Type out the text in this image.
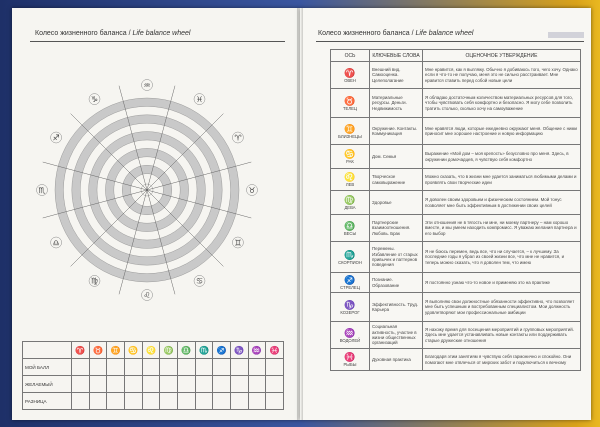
Колесо жизненного баланса / Life balance wheel
♒
♓
♈
♉
♊
♋
♌
♍
♎
♏
♐
♑
	♈	♉	♊	♋	♌	♍	♎	♏	♐	♑	♒	♓
МОЙ БАЛЛ												
ЖЕЛАЕМЫЙ												
РАЗНИЦА												
Колесо жизненного баланса / Life balance wheel
ОСЬ	КЛЮЧЕВЫЕ СЛОВА	ОЦЕНОЧНОЕ УТВЕРЖДЕНИЕ

♈
ОВЕН	Внешний вид. Самооценка. Целеполагание	Мне нравится, как я выгляжу. Обычно я добиваюсь того, чего хочу. Однако если я что-то не получаю, меня это не сильно расстраивает. Мне нравится ставить перед собой новые цели

♉
ТЕЛЕЦ	Материальные ресурсы. Деньги. Недвижимость	Я обладаю достаточным количеством материальных ресурсов для того, чтобы чувствовать себя комфортно и безопасно. Я могу себе позволить тратить столько, сколько хочу на самоуважение

♊
БЛИЗНЕЦЫ	Окружение. Контакты. Коммуникация	Мне нравятся люди, которые ежедневно окружают меня. Общение с ними приносит мне хорошее настроение и новую информацию

♋
РАК	Дом. Семья	Выражение «Мой дом – моя крепость» безусловно про меня. Здесь, в окружении домочадцев, я чувствую себя комфортно

♌
ЛЕВ	Творческое самовыражение	Можно сказать, что в жизни мне удается заниматься любимыми делами и проявлять свои творческие идеи

♍
ДЕВА	Здоровье	Я доволен своим здоровьем и физическим состоянием. Мой тонус позволяет мне быть эффективным в достижении своих целей

♎
ВЕСЫ	Партнерские взаимоотношения. Любовь. Брак	Эти отношения не в тягость ни мне, ни моему партнеру – нам хорошо вместе, и мы умеем находить компромисс. Я уважаю желания партнера и его выбор

♏
СКОРПИОН	Перемены. Избавление от старых привычек и паттернов поведения	Я не боюсь перемен, ведь все, что ни случается, – к лучшему. За последние годы я убрал из своей жизни все, что мне не нравится, и теперь можно сказать, что я доволен тем, что имею

♐
СТРЕЛЕЦ	Познание. Образование	Я постоянно узнаю что-то новое и применяю это на практике

♑
КОЗЕРОГ	Эффективность. Труд. Карьера	Я выполняю свои должностные обязанности эффективно, что позволяет мне быть успешным и востребованным специалистом. Мои должность удовлетворяют мои профессиональные амбиции

♒
ВОДОЛЕЙ	Социальная активность, участие в жизни общественных организаций	Я нахожу время для посещения мероприятий и групповых мероприятий. Здесь мне удается устанавливать новые контакты или поддерживать старые дружеские отношения

♓
РЫБЫ	Духовная практика	Благодаря этим занятиям я чувствую себя гармонично и спокойно. Они помогают мне отвлечься от мирских забот и подключиться к вечному
